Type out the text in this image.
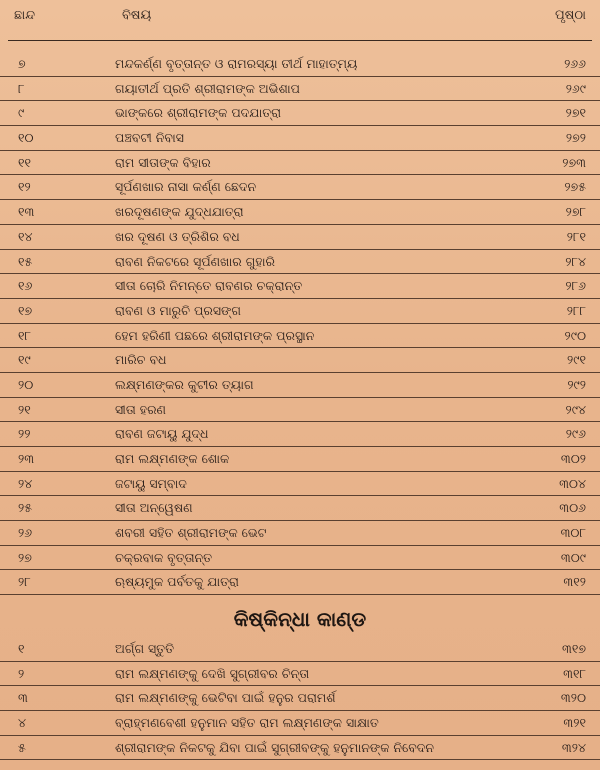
ଛାନ୍ଦ	ବିଷୟ	ପୃଷ୍ଠା
୭	ମନ୍ଦକର୍ଣ୍ଣ ବୃତ୍ତାନ୍ତ ଓ ରାମରସ୍ୟା ତୀର୍ଥ ମାହାତ୍ମ୍ୟ	୨୬୬
୮	ଗୟାତୀର୍ଥ ପ୍ରତି ଶ୍ରୀରାମଙ୍କ ଅଭିଶାପ	୨୬୯
୯	ଭାଙ୍କରେ ଶ୍ରୀରାମଙ୍କ ପଦଯାତ୍ରା	୨୭୧
୧୦	ପଞ୍ଚବଟୀ ନିବାସ	୨୭୨
୧୧	ରାମ ସୀତାଙ୍କ ବିହାର	୨୭୩
୧୨	ସୂର୍ପଣଖାର ନାସା କର୍ଣ୍ଣ ଛେଦନ	୨୭୫
୧୩	ଖରଦୂଷଣଙ୍କ ଯୁଦ୍ଧଯାତ୍ରା	୨୭୮
୧୪	ଖର ଦୂଷଣ ଓ ତ୍ରିଶିର ବଧ	୨୮୧
୧୫	ରାବଣ ନିକଟରେ ସୂର୍ପଣଖାର ଗୁହାରି	୨୮୪
୧୬	ସୀତା ଚୋରି ନିମନ୍ତେ ରାବଣର ଚକ୍ରାନ୍ତ	୨୮୬
୧୭	ରାବଣ ଓ ମାରୁଚି ପ୍ରସଙ୍ଗ	୨୮୮
୧୮	ହେମ ହରିଣୀ ପଛରେ ଶ୍ରୀରାମଙ୍କ ପ୍ରସ୍ଥାନ	୨୯୦
୧୯	ମାରିଚ ବଧ	୨୯୧
୨୦	ଲକ୍ଷ୍ମଣଙ୍କର କୁଟୀର ତ୍ୟାଗ	୨୯୨
୨୧	ସୀତା ହରଣ	୨୯୪
୨୨	ରାବଣ ଜଟାୟୁ ଯୁଦ୍ଧ	୨୯୬
୨୩	ରାମ ଲକ୍ଷ୍ମଣଙ୍କ ଶୋକ	୩୦୨
୨୪	ଜଟାୟୁ ସମ୍ବାଦ	୩୦୪
୨୫	ସୀତା ଅନ୍ୱେଷଣ	୩୦୬
୨୬	ଶବରୀ ସହିତ ଶ୍ରୀରାମଙ୍କ ଭେଟ	୩୦୮
୨୭	ଚକ୍ରବାକ ବୃତ୍ତାନ୍ତ	୩୦୯
୨୮	ଋଷ୍ୟମୁକ ପର୍ବତକୁ ଯାତ୍ରା	୩୧୨
କିଷ୍କିନ୍ଧା କାଣ୍ଡ
୧	ଅର୍ଗ୍ଗ ସ୍ତୁତି	୩୧୭
୨	ରାମ ଲକ୍ଷ୍ମଣଙ୍କୁ ଦେଖି ସୁଗ୍ରୀବର ଚିନ୍ତା	୩୧୮
୩	ରାମ ଲକ୍ଷ୍ମଣଙ୍କୁ ଭେଟିବା ପାଇଁ ହନୁର ପରାମର୍ଶ	୩୨୦
୪	ବ୍ରାହ୍ମଣବେଶୀ ହନୁମାନ ସହିତ ରାମ ଲକ୍ଷ୍ମଣଙ୍କ ସାକ୍ଷାତ	୩୨୧
୫	ଶ୍ରୀରାମଙ୍କ ନିକଟକୁ ଯିବା ପାଇଁ ସୁଗ୍ରୀବଙ୍କୁ ହନୁମାନଙ୍କ ନିବେଦନ	୩୨୪
